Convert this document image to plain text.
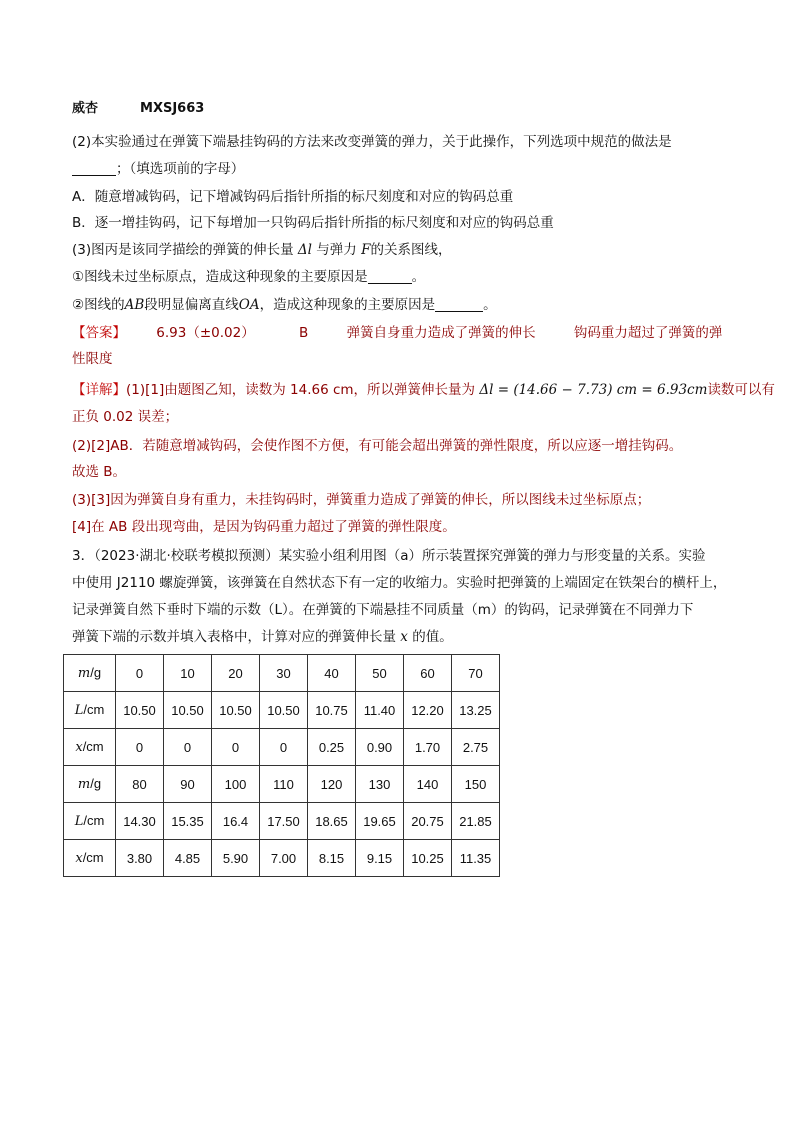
威杏	MXSJ663
(2)本实验通过在弹簧下端悬挂钩码的方法来改变弹簧的弹力，关于此操作，下列选项中规范的做法是
；（填选项前的字母）
A．随意增减钩码，记下增减钩码后指针所指的标尺刻度和对应的钩码总重
B．逐一增挂钩码，记下每增加一只钩码后指针所指的标尺刻度和对应的钩码总重
(3)图丙是该同学描绘的弹簧的伸长量 Δl 与弹力 F的关系图线，
①图线未过坐标原点，造成这种现象的主要原因是	。
②图线的AB段明显偏离直线OA，造成这种现象的主要原因是	。
【答案】 6.93（±0.02）	B	弹簧自身重力造成了弹簧的伸长	钩码重力超过了弹簧的弹
性限度
【详解】(1)[1]由题图乙知，读数为 14.66 cm，所以弹簧伸长量为 Δl = (14.66 − 7.73) cm = 6.93cm读数可以有
正负 0.02 误差；
(2)[2]AB．若随意增减钩码，会使作图不方便，有可能会超出弹簧的弹性限度，所以应逐一增挂钩码。
故选 B。
(3)[3]因为弹簧自身有重力，未挂钩码时，弹簧重力造成了弹簧的伸长，所以图线未过坐标原点；
[4]在 AB 段出现弯曲，是因为钩码重力超过了弹簧的弹性限度。
3．（2023·湖北·校联考模拟预测）某实验小组利用图（a）所示装置探究弹簧的弹力与形变量的关系。实验
中使用 J2110 螺旋弹簧，该弹簧在自然状态下有一定的收缩力。实验时把弹簧的上端固定在铁架台的横杆上，
记录弹簧自然下垂时下端的示数（L）。在弹簧的下端悬挂不同质量（m）的钩码，记录弹簧在不同弹力下
弹簧下端的示数并填入表格中，计算对应的弹簧伸长量 x 的值。
m/g	0	10	20	30	40	50	60	70
L/cm	10.50	10.50	10.50	10.50	10.75	11.40	12.20	13.25
x/cm	0	0	0	0	0.25	0.90	1.70	2.75
m/g	80	90	100	110	120	130	140	150
L/cm	14.30	15.35	16.4	17.50	18.65	19.65	20.75	21.85
x/cm	3.80	4.85	5.90	7.00	8.15	9.15	10.25	11.35
